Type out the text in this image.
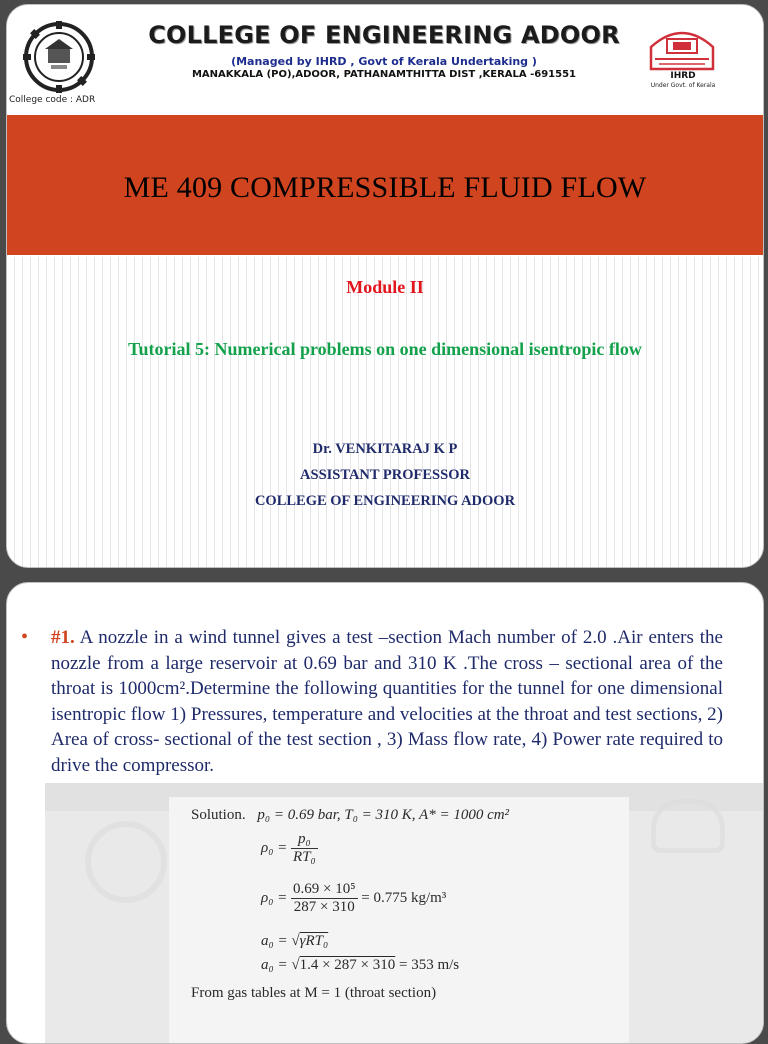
College code : ADR
COLLEGE OF ENGINEERING ADOOR
(Managed by IHRD , Govt of Kerala Undertaking )
MANAKKALA (PO),ADOOR, PATHANAMTHITTA DIST ,KERALA -691551	IHRD
Under Govt. of Kerala
ME 409 COMPRESSIBLE FLUID FLOW
Module II
Tutorial 5: Numerical problems on one dimensional isentropic flow
Dr. VENKITARAJ K P
ASSISTANT PROFESSOR
COLLEGE OF ENGINEERING ADOOR
• #1. A nozzle in a wind tunnel gives a test –section Mach number of 2.0 .Air enters the nozzle from a large reservoir at 0.69 bar and 310 K .The cross – sectional area of the throat is 1000cm².Determine the following quantities for the tunnel for one dimensional isentropic flow 1) Pressures, temperature and velocities at the throat and test sections, 2) Area of cross- sectional of the test section , 3) Mass flow rate, 4) Power rate required to drive the compressor.
Solution. p₀ = 0.69 bar, T₀ = 310 K, A* = 1000 cm²
$\rho_0 = \frac{\text{p₀}}{\text{RT₀}}$
$\rho_0 = \frac{\text{0.69 × 10⁵}}{287 \times 310} = 0.775$ kg/m³
a₀ = √γRT₀
a₀ = √1.4 × 287 × 310 = 353 m/s
From gas tables at M = 1 (throat section)
